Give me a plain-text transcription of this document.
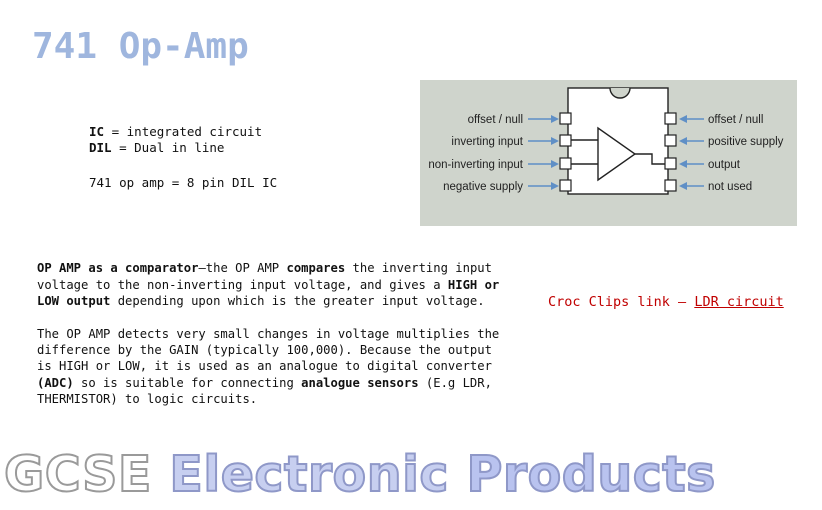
741 Op-Amp
IC = integrated circuit
DIL = Dual in line
741 op amp = 8 pin DIL IC
offset / null
inverting input
non-inverting input
negative supply
offset / null
positive supply
output
not used
OP AMP as a comparator—the OP AMP compares the inverting input voltage to the non-inverting input voltage, and gives a HIGH or LOW output depending upon which is the greater input voltage.
The OP AMP detects very small changes in voltage multiplies the difference by the GAIN (typically 100,000). Because the output is HIGH or LOW, it is used as an analogue to digital converter (ADC) so is suitable for connecting analogue sensors (E.g LDR, THERMISTOR) to logic circuits.
Croc Clips link – LDR circuit
GCSE Electronic Products
